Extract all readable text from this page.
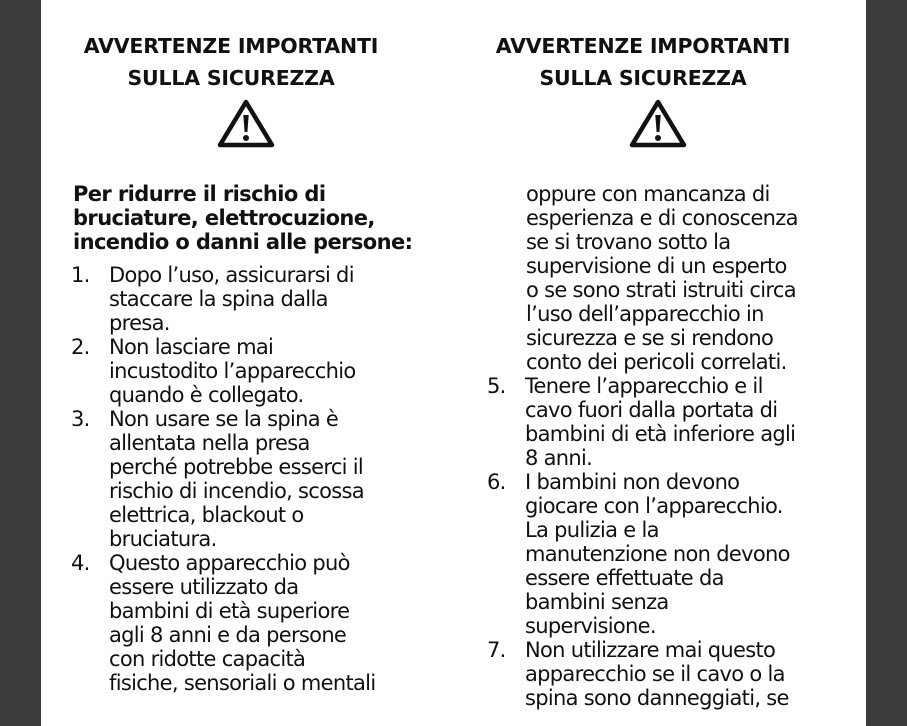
AVVERTENZE IMPORTANTI
SULLA SICUREZZA
Per ridurre il rischio di
bruciature, elettrocuzione,
incendio o danni alle persone:
1. Dopo l’uso, assicurarsi di
staccare la spina dalla
presa.
2. Non lasciare mai
incustodito l’apparecchio
quando è collegato.
3. Non usare se la spina è
allentata nella presa
perché potrebbe esserci il
rischio di incendio, scossa
elettrica, blackout o
bruciatura.
4. Questo apparecchio può
essere utilizzato da
bambini di età superiore
agli 8 anni e da persone
con ridotte capacità
fisiche, sensoriali o mentali
AVVERTENZE IMPORTANTI
SULLA SICUREZZA
oppure con mancanza di
esperienza e di conoscenza
se si trovano sotto la
supervisione di un esperto
o se sono strati istruiti circa
l’uso dell’apparecchio in
sicurezza e se si rendono
conto dei pericoli correlati.
5. Tenere l’apparecchio e il
cavo fuori dalla portata di
bambini di età inferiore agli
8 anni.
6. I bambini non devono
giocare con l’apparecchio.
La pulizia e la
manutenzione non devono
essere effettuate da
bambini senza
supervisione.
7. Non utilizzare mai questo
apparecchio se il cavo o la
spina sono danneggiati, se
